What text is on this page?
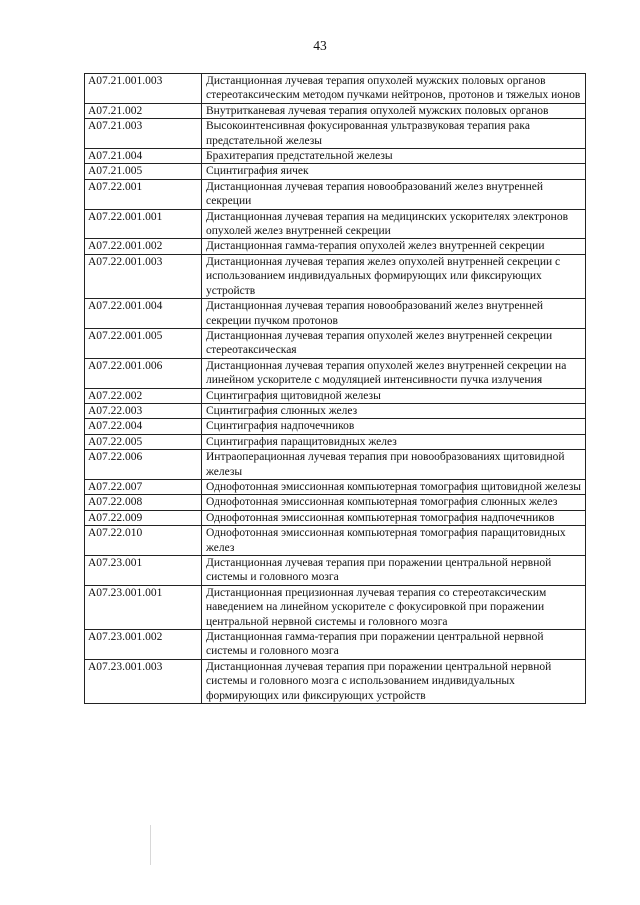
43
A07.21.001.003	Дистанционная лучевая терапия опухолей мужских половых органов стереотаксическим методом пучками нейтронов, протонов и тяжелых ионов
A07.21.002	Внутритканевая лучевая терапия опухолей мужских половых органов
A07.21.003	Высокоинтенсивная фокусированная ультразвуковая терапия рака предстательной железы
A07.21.004	Брахитерапия предстательной железы
A07.21.005	Сцинтиграфия яичек
A07.22.001	Дистанционная лучевая терапия новообразований желез внутренней секреции
A07.22.001.001	Дистанционная лучевая терапия на медицинских ускорителях электронов опухолей желез внутренней секреции
A07.22.001.002	Дистанционная гамма-терапия опухолей желез внутренней секреции
A07.22.001.003	Дистанционная лучевая терапия желез опухолей внутренней секреции с использованием индивидуальных формирующих или фиксирующих устройств
A07.22.001.004	Дистанционная лучевая терапия новообразований желез внутренней секреции пучком протонов
A07.22.001.005	Дистанционная лучевая терапия опухолей желез внутренней секреции стереотаксическая
A07.22.001.006	Дистанционная лучевая терапия опухолей желез внутренней секреции на линейном ускорителе с модуляцией интенсивности пучка излучения
A07.22.002	Сцинтиграфия щитовидной железы
A07.22.003	Сцинтиграфия слюнных желез
A07.22.004	Сцинтиграфия надпочечников
A07.22.005	Сцинтиграфия паращитовидных желез
A07.22.006	Интраоперационная лучевая терапия при новообразованиях щитовидной железы
A07.22.007	Однофотонная эмиссионная компьютерная томография щитовидной железы
A07.22.008	Однофотонная эмиссионная компьютерная томография слюнных желез
A07.22.009	Однофотонная эмиссионная компьютерная томография надпочечников
A07.22.010	Однофотонная эмиссионная компьютерная томография паращитовидных желез
A07.23.001	Дистанционная лучевая терапия при поражении центральной нервной системы и головного мозга
A07.23.001.001	Дистанционная прецизионная лучевая терапия со стереотаксическим наведением на линейном ускорителе с фокусировкой при поражении центральной нервной системы и головного мозга
A07.23.001.002	Дистанционная гамма-терапия при поражении центральной нервной системы и головного мозга
A07.23.001.003	Дистанционная лучевая терапия при поражении центральной нервной системы и головного мозга с использованием индивидуальных формирующих или фиксирующих устройств
